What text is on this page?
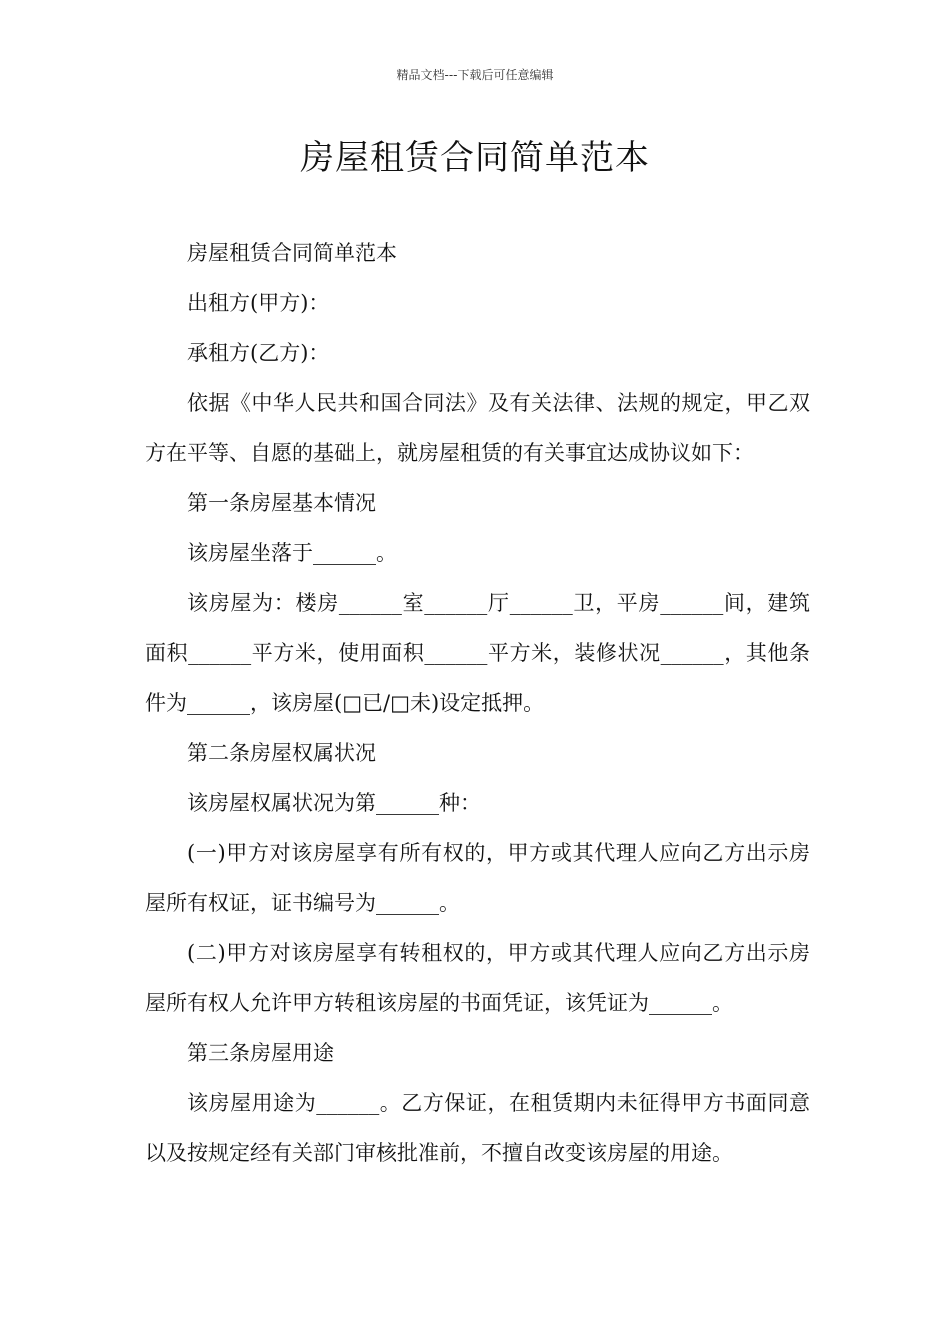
精品文档---下载后可任意编辑
房屋租赁合同简单范本

房屋租赁合同简单范本

出租方(甲方)：

承租方(乙方)：

依据《中华人民共和国合同法》及有关法律、法规的规定，甲乙双方在平等、自愿的基础上，就房屋租赁的有关事宜达成协议如下：

第一条房屋基本情况

该房屋坐落于______。

该房屋为：楼房______室______厅______卫，平房______间，建筑面积______平方米，使用面积______平方米，装修状况______，其他条件为______，该房屋(□已/□未)设定抵押。

第二条房屋权属状况

该房屋权属状况为第______种：

(一)甲方对该房屋享有所有权的，甲方或其代理人应向乙方出示房屋所有权证，证书编号为______。

(二)甲方对该房屋享有转租权的，甲方或其代理人应向乙方出示房屋所有权人允许甲方转租该房屋的书面凭证，该凭证为______。

第三条房屋用途

该房屋用途为______。乙方保证，在租赁期内未征得甲方书面同意以及按规定经有关部门审核批准前，不擅自改变该房屋的用途。
